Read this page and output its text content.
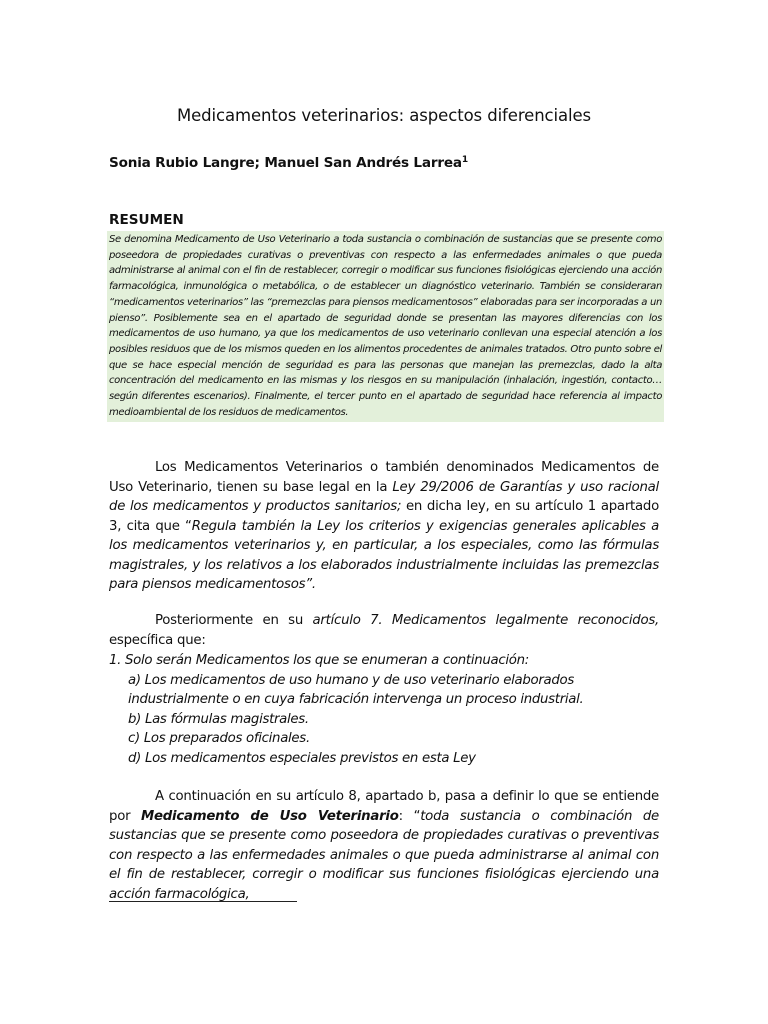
Medicamentos veterinarios: aspectos diferenciales
Sonia Rubio Langre; Manuel San Andrés Larrea$^1$
RESUMEN
Se denomina Medicamento de Uso Veterinario a toda sustancia o combinación de sustancias que se presente como poseedora de propiedades curativas o preventivas con respecto a las enfermedades animales o que pueda administrarse al animal con el fin de restablecer, corregir o modificar sus funciones fisiológicas ejerciendo una acción farmacológica, inmunológica o metabólica, o de establecer un diagnóstico veterinario. También se consideraran “medicamentos veterinarios” las “premezclas para piensos medicamentosos” elaboradas para ser incorporadas a un pienso”. Posiblemente sea en el apartado de seguridad donde se presentan las mayores diferencias con los medicamentos de uso humano, ya que los medicamentos de uso veterinario conllevan una especial atención a los posibles residuos que de los mismos queden en los alimentos procedentes de animales tratados. Otro punto sobre el que se hace especial mención de seguridad es para las personas que manejan las premezclas, dado la alta concentración del medicamento en las mismas y los riesgos en su manipulación (inhalación, ingestión, contacto… según diferentes escenarios). Finalmente, el tercer punto en el apartado de seguridad hace referencia al impacto medioambiental de los residuos de medicamentos.
Los Medicamentos Veterinarios o también denominados Medicamentos de Uso Veterinario, tienen su base legal en la Ley 29/2006 de Garantías y uso racional de los medicamentos y productos sanitarios; en dicha ley, en su artículo 1 apartado 3, cita que “Regula también la Ley los criterios y exigencias generales aplicables a los medicamentos veterinarios y, en particular, a los especiales, como las fórmulas magistrales, y los relativos a los elaborados industrialmente incluidas las premezclas para piensos medicamentosos”.
Posteriormente en su artículo 7. Medicamentos legalmente reconocidos, específica que:
1. Solo serán Medicamentos los que se enumeran a continuación:
a) Los medicamentos de uso humano y de uso veterinario elaborados industrialmente o en cuya fabricación intervenga un proceso industrial.
b) Las fórmulas magistrales.
c) Los preparados oficinales.
d) Los medicamentos especiales previstos en esta Ley
A continuación en su artículo 8, apartado b, pasa a definir lo que se entiende por Medicamento de Uso Veterinario: “toda sustancia o combinación de sustancias que se presente como poseedora de propiedades curativas o preventivas con respecto a las enfermedades animales o que pueda administrarse al animal con el fin de restablecer, corregir o modificar sus funciones fisiológicas ejerciendo una acción farmacológica,
